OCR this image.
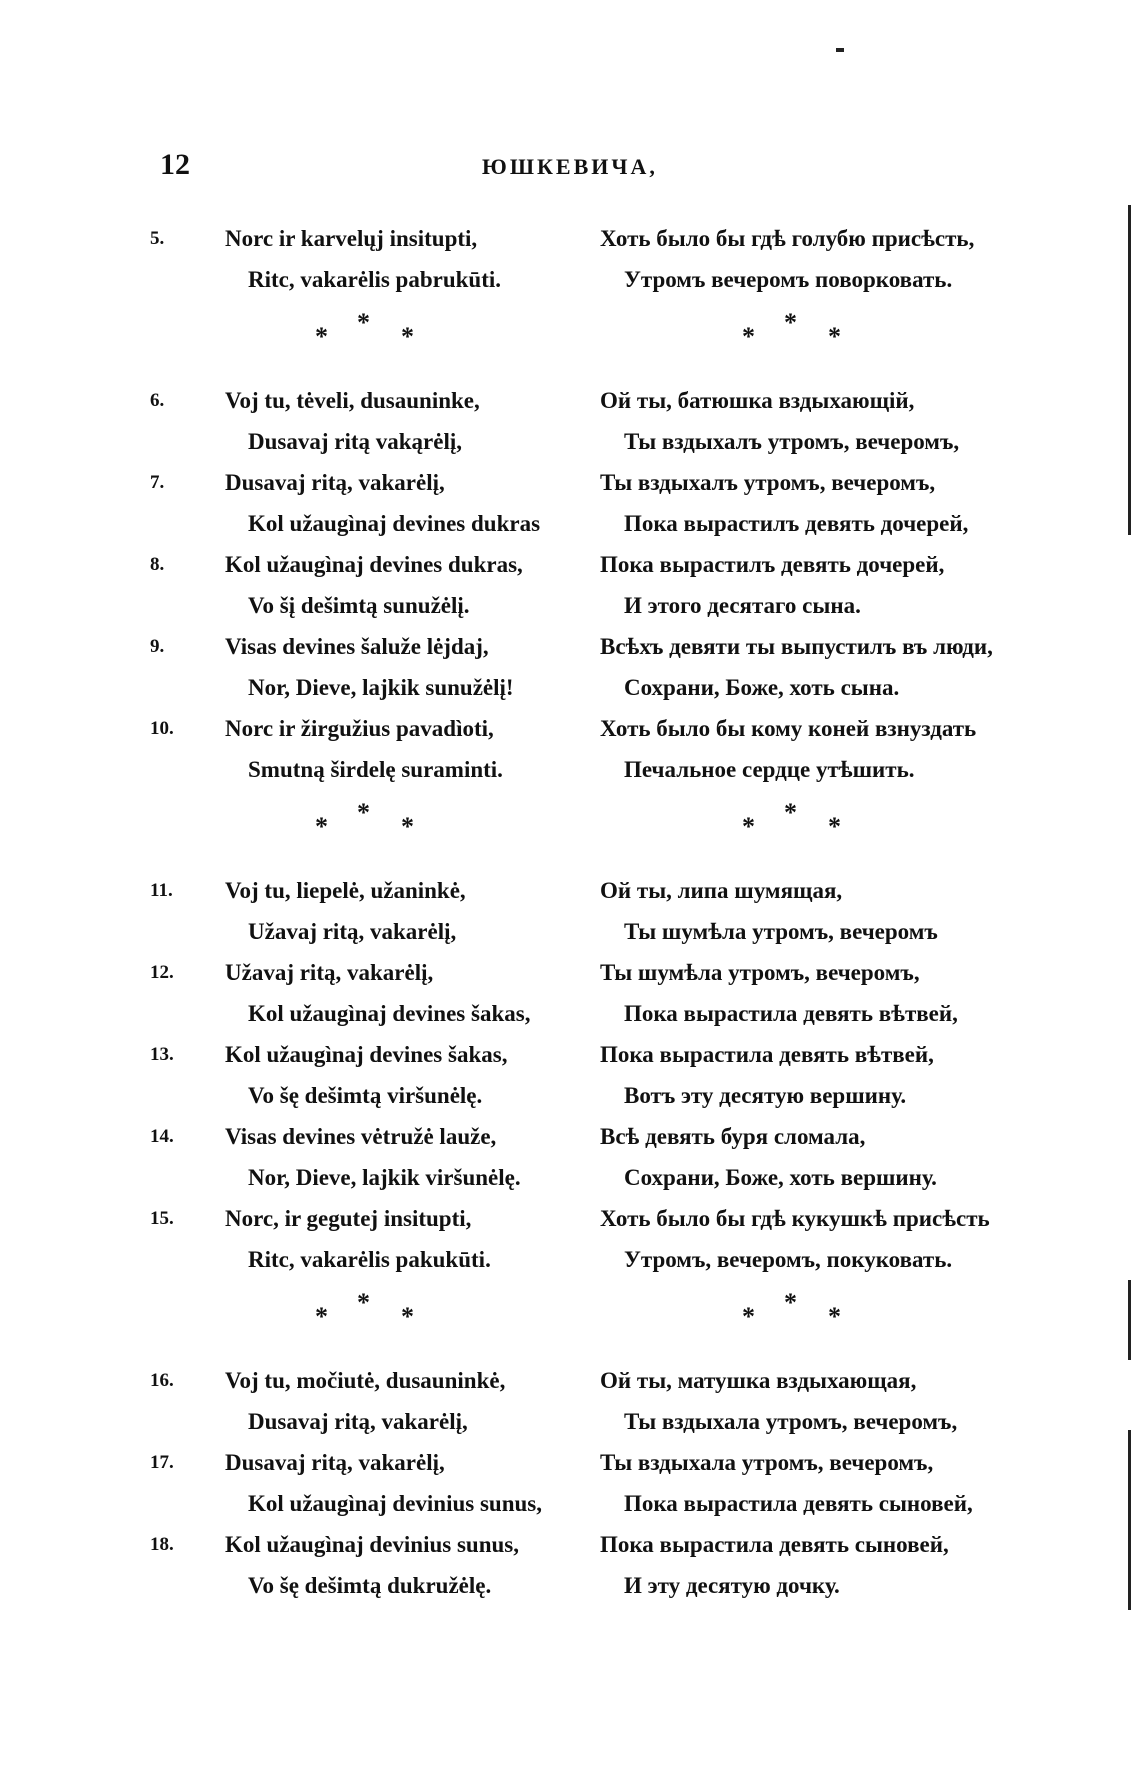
12	ЮШКЕВИЧА,
5.	Norc ir karvelųj insitupti,	Хоть было бы гдѣ голубю присѣсть,
Ritc, vakarėlis pabrukūti.	Утромъ вечеромъ поворковать.
* * *	* * *
6.	Voj tu, tėveli, dusauninke,	Ой ты, батюшка вздыхающій,
Dusavaj ritą vakąrėlį,	Ты вздыхалъ утромъ, вечеромъ,
7.	Dusavaj ritą, vakarėlį,	Ты вздыхалъ утромъ, вечеромъ,
Kol užaugìnaj devines dukras	Пока вырастилъ девять дочерей,
8.	Kol užaugìnaj devines dukras,	Пока вырастилъ девять дочерей,
Vo šį dešimtą sunužėlį.	И этого десятаго сына.
9.	Visas devines šaluže lėjdaj,	Всѣхъ девяти ты выпустилъ въ люди,
Nor, Dieve, lajkik sunužėlį!	Сохрани, Боже, хоть сына.
10.	Norc ir žirgužius pavadìoti,	Хоть было бы кому коней взнуздать
Smutną širdelę suraminti.	Печальное сердце утѣшить.
* * *	* * *
11.	Voj tu, liepelė, užaninkė,	Ой ты, липа шумящая,
Užavaj ritą, vakarėlį,	Ты шумѣла утромъ, вечеромъ
12.	Užavaj ritą, vakarėlį,	Ты шумѣла утромъ, вечеромъ,
Kol užaugìnaj devines šakas,	Пока вырастила девять вѣтвей,
13.	Kol užaugìnaj devines šakas,	Пока вырастила девять вѣтвей,
Vo šę dešimtą viršunėlę.	Вотъ эту десятую вершину.
14.	Visas devines vėtružė lauže,	Всѣ девять буря сломала,
Nor, Dieve, lajkik viršunėlę.	Сохрани, Боже, хоть вершину.
15.	Norc, ir gegutej insitupti,	Хоть было бы гдѣ кукушкѣ присѣсть
Ritc, vakarėlis pakukūti.	Утромъ, вечеромъ, покуковать.
* * *	* * *
16.	Voj tu, močiutė, dusauninkė,	Ой ты, матушка вздыхающая,
Dusavaj ritą, vakarėlį,	Ты вздыхала утромъ, вечеромъ,
17.	Dusavaj ritą, vakarėlį,	Ты вздыхала утромъ, вечеромъ,
Kol užaugìnaj devinius sunus,	Пока вырастила девять сыновей,
18.	Kol užaugìnaj devinius sunus,	Пока вырастила девять сыновей,
Vo šę dešimtą dukružėlę.	И эту десятую дочку.
